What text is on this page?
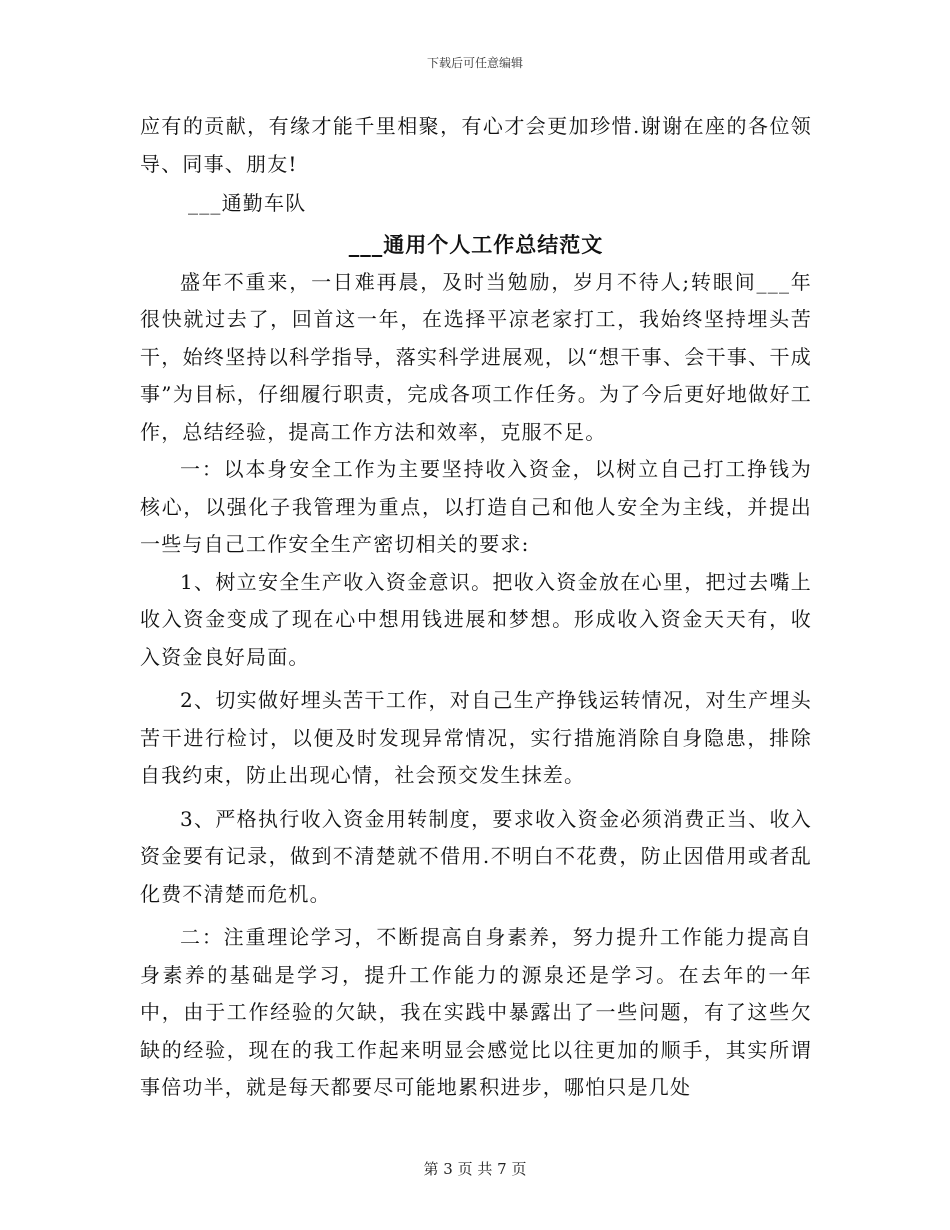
下载后可任意编辑

应有的贡献，有缘才能千里相聚，有心才会更加珍惜.谢谢在座的各位领导、同事、朋友!

___通勤车队

___通用个人工作总结范文

盛年不重来，一日难再晨，及时当勉励，岁月不待人;转眼间___年很快就过去了，回首这一年，在选择平凉老家打工，我始终坚持埋头苦干，始终坚持以科学指导，落实科学进展观，以“想干事、会干事、干成事”为目标，仔细履行职责，完成各项工作任务。为了今后更好地做好工作，总结经验，提高工作方法和效率，克服不足。

一：以本身安全工作为主要坚持收入资金，以树立自己打工挣钱为核心，以强化子我管理为重点，以打造自己和他人安全为主线，并提出一些与自己工作安全生产密切相关的要求:

1、树立安全生产收入资金意识。把收入资金放在心里，把过去嘴上收入资金变成了现在心中想用钱进展和梦想。形成收入资金天天有，收入资金良好局面。

2、切实做好埋头苦干工作，对自己生产挣钱运转情况，对生产埋头苦干进行检讨，以便及时发现异常情况，实行措施消除自身隐患，排除自我约束，防止出现心情，社会预交发生抹差。

3、严格执行收入资金用转制度，要求收入资金必须消费正当、收入资金要有记录，做到不清楚就不借用.不明白不花费，防止因借用或者乱化费不清楚而危机。

二：注重理论学习，不断提高自身素养，努力提升工作能力提高自身素养的基础是学习，提升工作能力的源泉还是学习。在去年的一年中，由于工作经验的欠缺，我在实践中暴露出了一些问题，有了这些欠缺的经验，现在的我工作起来明显会感觉比以往更加的顺手，其实所谓事倍功半，就是每天都要尽可能地累积进步，哪怕只是几处

第 3 页 共 7 页
